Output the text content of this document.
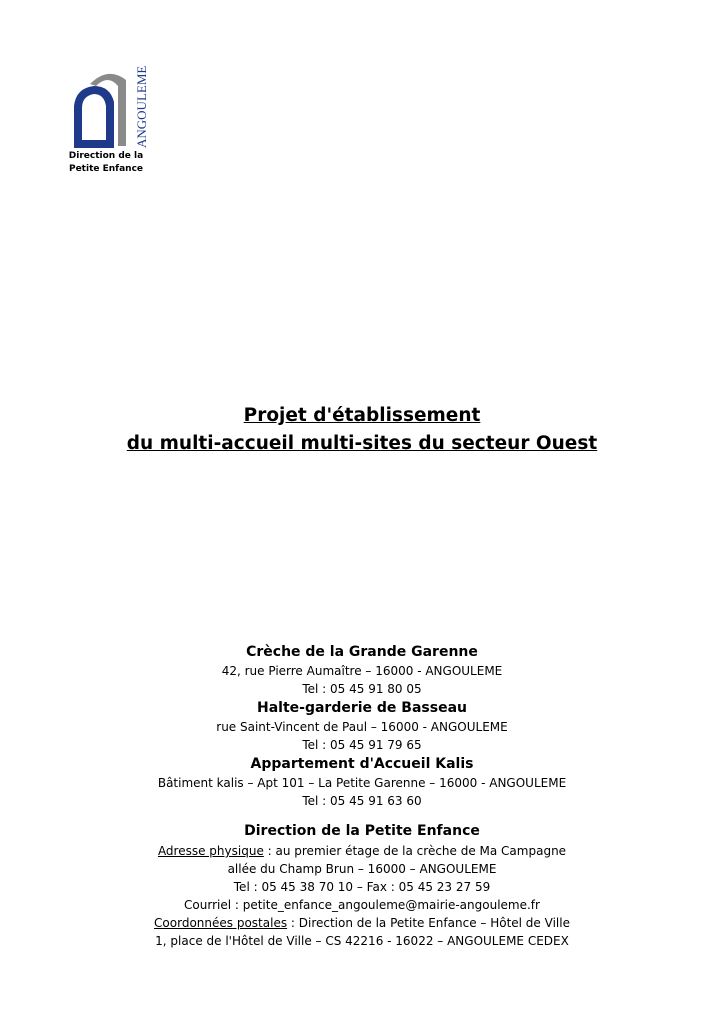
ANGOULEME
Direction de la
Petite Enfance
Projet d'établissement
du multi-accueil multi-sites du secteur Ouest
Crèche de la Grande Garenne
42, rue Pierre Aumaître – 16000 - ANGOULEME
Tel : 05 45 91 80 05
Halte-garderie de Basseau
rue Saint-Vincent de Paul – 16000 - ANGOULEME
Tel : 05 45 91 79 65
Appartement d'Accueil Kalis
Bâtiment kalis – Apt 101 – La Petite Garenne – 16000 - ANGOULEME
Tel : 05 45 91 63 60
Direction de la Petite Enfance
Adresse physique : au premier étage de la crèche de Ma Campagne
allée du Champ Brun – 16000 – ANGOULEME
Tel : 05 45 38 70 10 – Fax : 05 45 23 27 59
Courriel : petite_enfance_angouleme@mairie-angouleme.fr
Coordonnées postales : Direction de la Petite Enfance – Hôtel de Ville
1, place de l'Hôtel de Ville – CS 42216 - 16022 – ANGOULEME CEDEX
